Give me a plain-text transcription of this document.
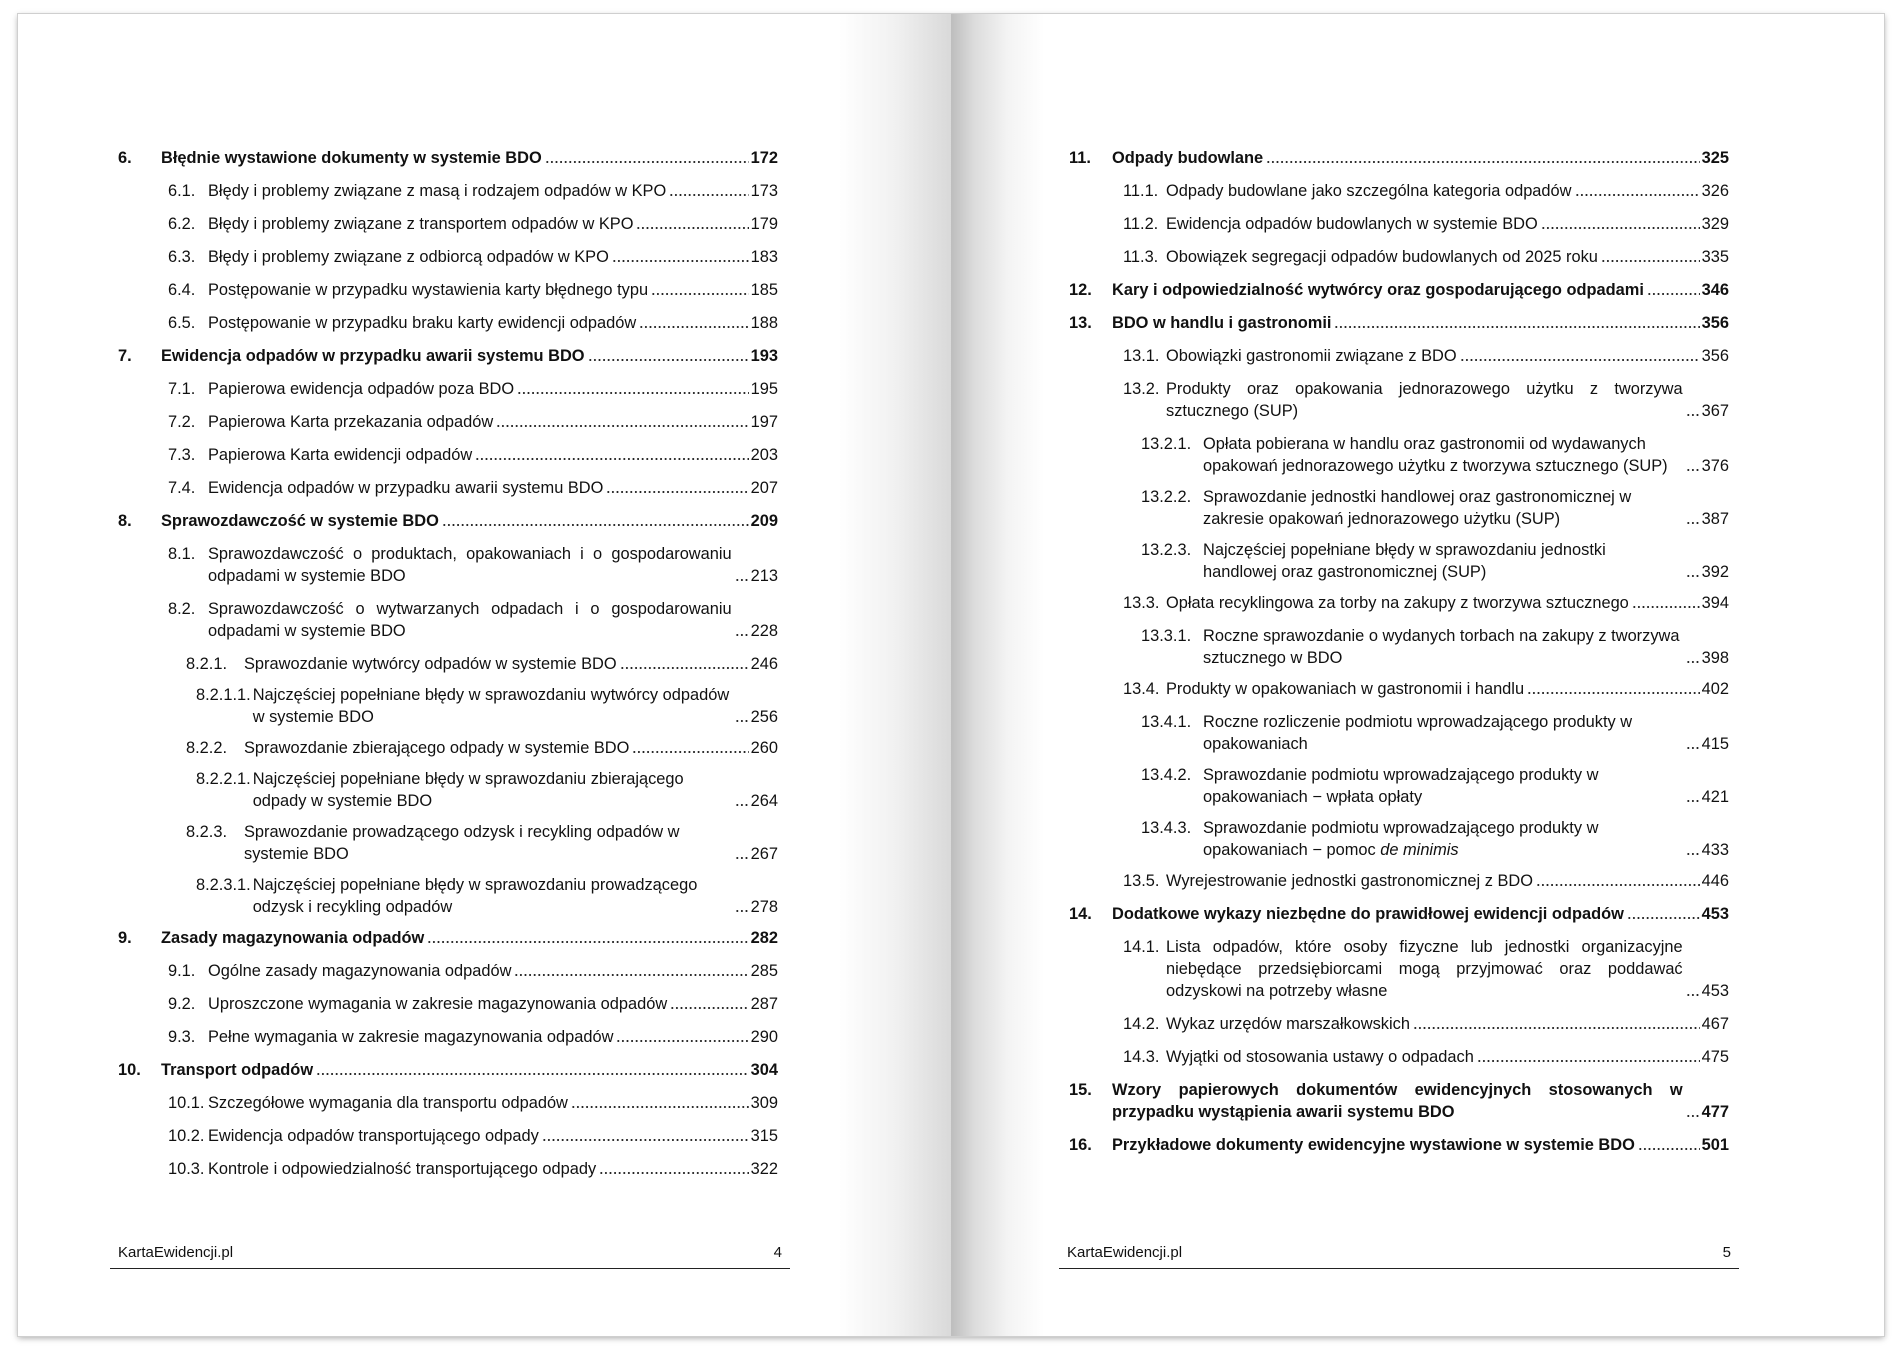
6.	Błędnie wystawione dokumenty w systemie BDO	172
6.1. Błędy i problemy związane z masą i rodzajem odpadów w KPO	173
6.2. Błędy i problemy związane z transportem odpadów w KPO	179
6.3. Błędy i problemy związane z odbiorcą odpadów w KPO	183
6.4. Postępowanie w przypadku wystawienia karty błędnego typu	185
6.5. Postępowanie w przypadku braku karty ewidencji odpadów	188
7.	Ewidencja odpadów w przypadku awarii systemu BDO	193
7.1. Papierowa ewidencja odpadów poza BDO	195
7.2. Papierowa Karta przekazania odpadów	197
7.3. Papierowa Karta ewidencji odpadów	203
7.4. Ewidencja odpadów w przypadku awarii systemu BDO	207
8.	Sprawozdawczość w systemie BDO	209
8.1. Sprawozdawczość o produktach, opakowaniach i o gospodarowaniu odpadami w systemie BDO	213
8.2. Sprawozdawczość o wytwarzanych odpadach i o gospodarowaniu odpadami w systemie BDO	228
8.2.1.	Sprawozdanie wytwórcy odpadów w systemie BDO	246
8.2.1.1. Najczęściej popełniane błędy w sprawozdaniu wytwórcy odpadów w systemie BDO	256
8.2.2.	Sprawozdanie zbierającego odpady w systemie BDO	260
8.2.2.1. Najczęściej popełniane błędy w sprawozdaniu zbierającego odpady w systemie BDO	264
8.2.3.	Sprawozdanie prowadzącego odzysk i recykling odpadów w systemie BDO	267
8.2.3.1. Najczęściej popełniane błędy w sprawozdaniu prowadzącego odzysk i recykling odpadów	278
9.	Zasady magazynowania odpadów	282
9.1. Ogólne zasady magazynowania odpadów	285
9.2. Uproszczone wymagania w zakresie magazynowania odpadów	287
9.3. Pełne wymagania w zakresie magazynowania odpadów	290
10.	Transport odpadów	304
10.1. Szczegółowe wymagania dla transportu odpadów	309
10.2. Ewidencja odpadów transportującego odpady	315
10.3. Kontrole i odpowiedzialność transportującego odpady	322
KartaEwidencji.pl	4
11.	Odpady budowlane	325
11.1. Odpady budowlane jako szczególna kategoria odpadów	326
11.2. Ewidencja odpadów budowlanych w systemie BDO	329
11.3. Obowiązek segregacji odpadów budowlanych od 2025 roku	335
12.	Kary i odpowiedzialność wytwórcy oraz gospodarującego odpadami	346
13.	BDO w handlu i gastronomii	356
13.1. Obowiązki gastronomii związane z BDO	356
13.2. Produkty oraz opakowania jednorazowego użytku z tworzywa sztucznego (SUP)	367
13.2.1. Opłata pobierana w handlu oraz gastronomii od wydawanych opakowań jednorazowego użytku z tworzywa sztucznego (SUP)	376
13.2.2. Sprawozdanie jednostki handlowej oraz gastronomicznej w zakresie opakowań jednorazowego użytku (SUP)	387
13.2.3. Najczęściej popełniane błędy w sprawozdaniu jednostki handlowej oraz gastronomicznej (SUP)	392
13.3. Opłata recyklingowa za torby na zakupy z tworzywa sztucznego	394
13.3.1. Roczne sprawozdanie o wydanych torbach na zakupy z tworzywa sztucznego w BDO	398
13.4. Produkty w opakowaniach w gastronomii i handlu	402
13.4.1. Roczne rozliczenie podmiotu wprowadzającego produkty w opakowaniach	415
13.4.2. Sprawozdanie podmiotu wprowadzającego produkty w opakowaniach − wpłata opłaty	421
13.4.3. Sprawozdanie podmiotu wprowadzającego produkty w opakowaniach − pomoc de minimis	433
13.5. Wyrejestrowanie jednostki gastronomicznej z BDO	446
14.	Dodatkowe wykazy niezbędne do prawidłowej ewidencji odpadów	453
14.1. Lista odpadów, które osoby fizyczne lub jednostki organizacyjne niebędące przedsiębiorcami mogą przyjmować oraz poddawać odzyskowi na potrzeby własne	453
14.2. Wykaz urzędów marszałkowskich	467
14.3. Wyjątki od stosowania ustawy o odpadach	475
15.	Wzory papierowych dokumentów ewidencyjnych stosowanych w przypadku wystąpienia awarii systemu BDO	477
16.	Przykładowe dokumenty ewidencyjne wystawione w systemie BDO	501
KartaEwidencji.pl	5
